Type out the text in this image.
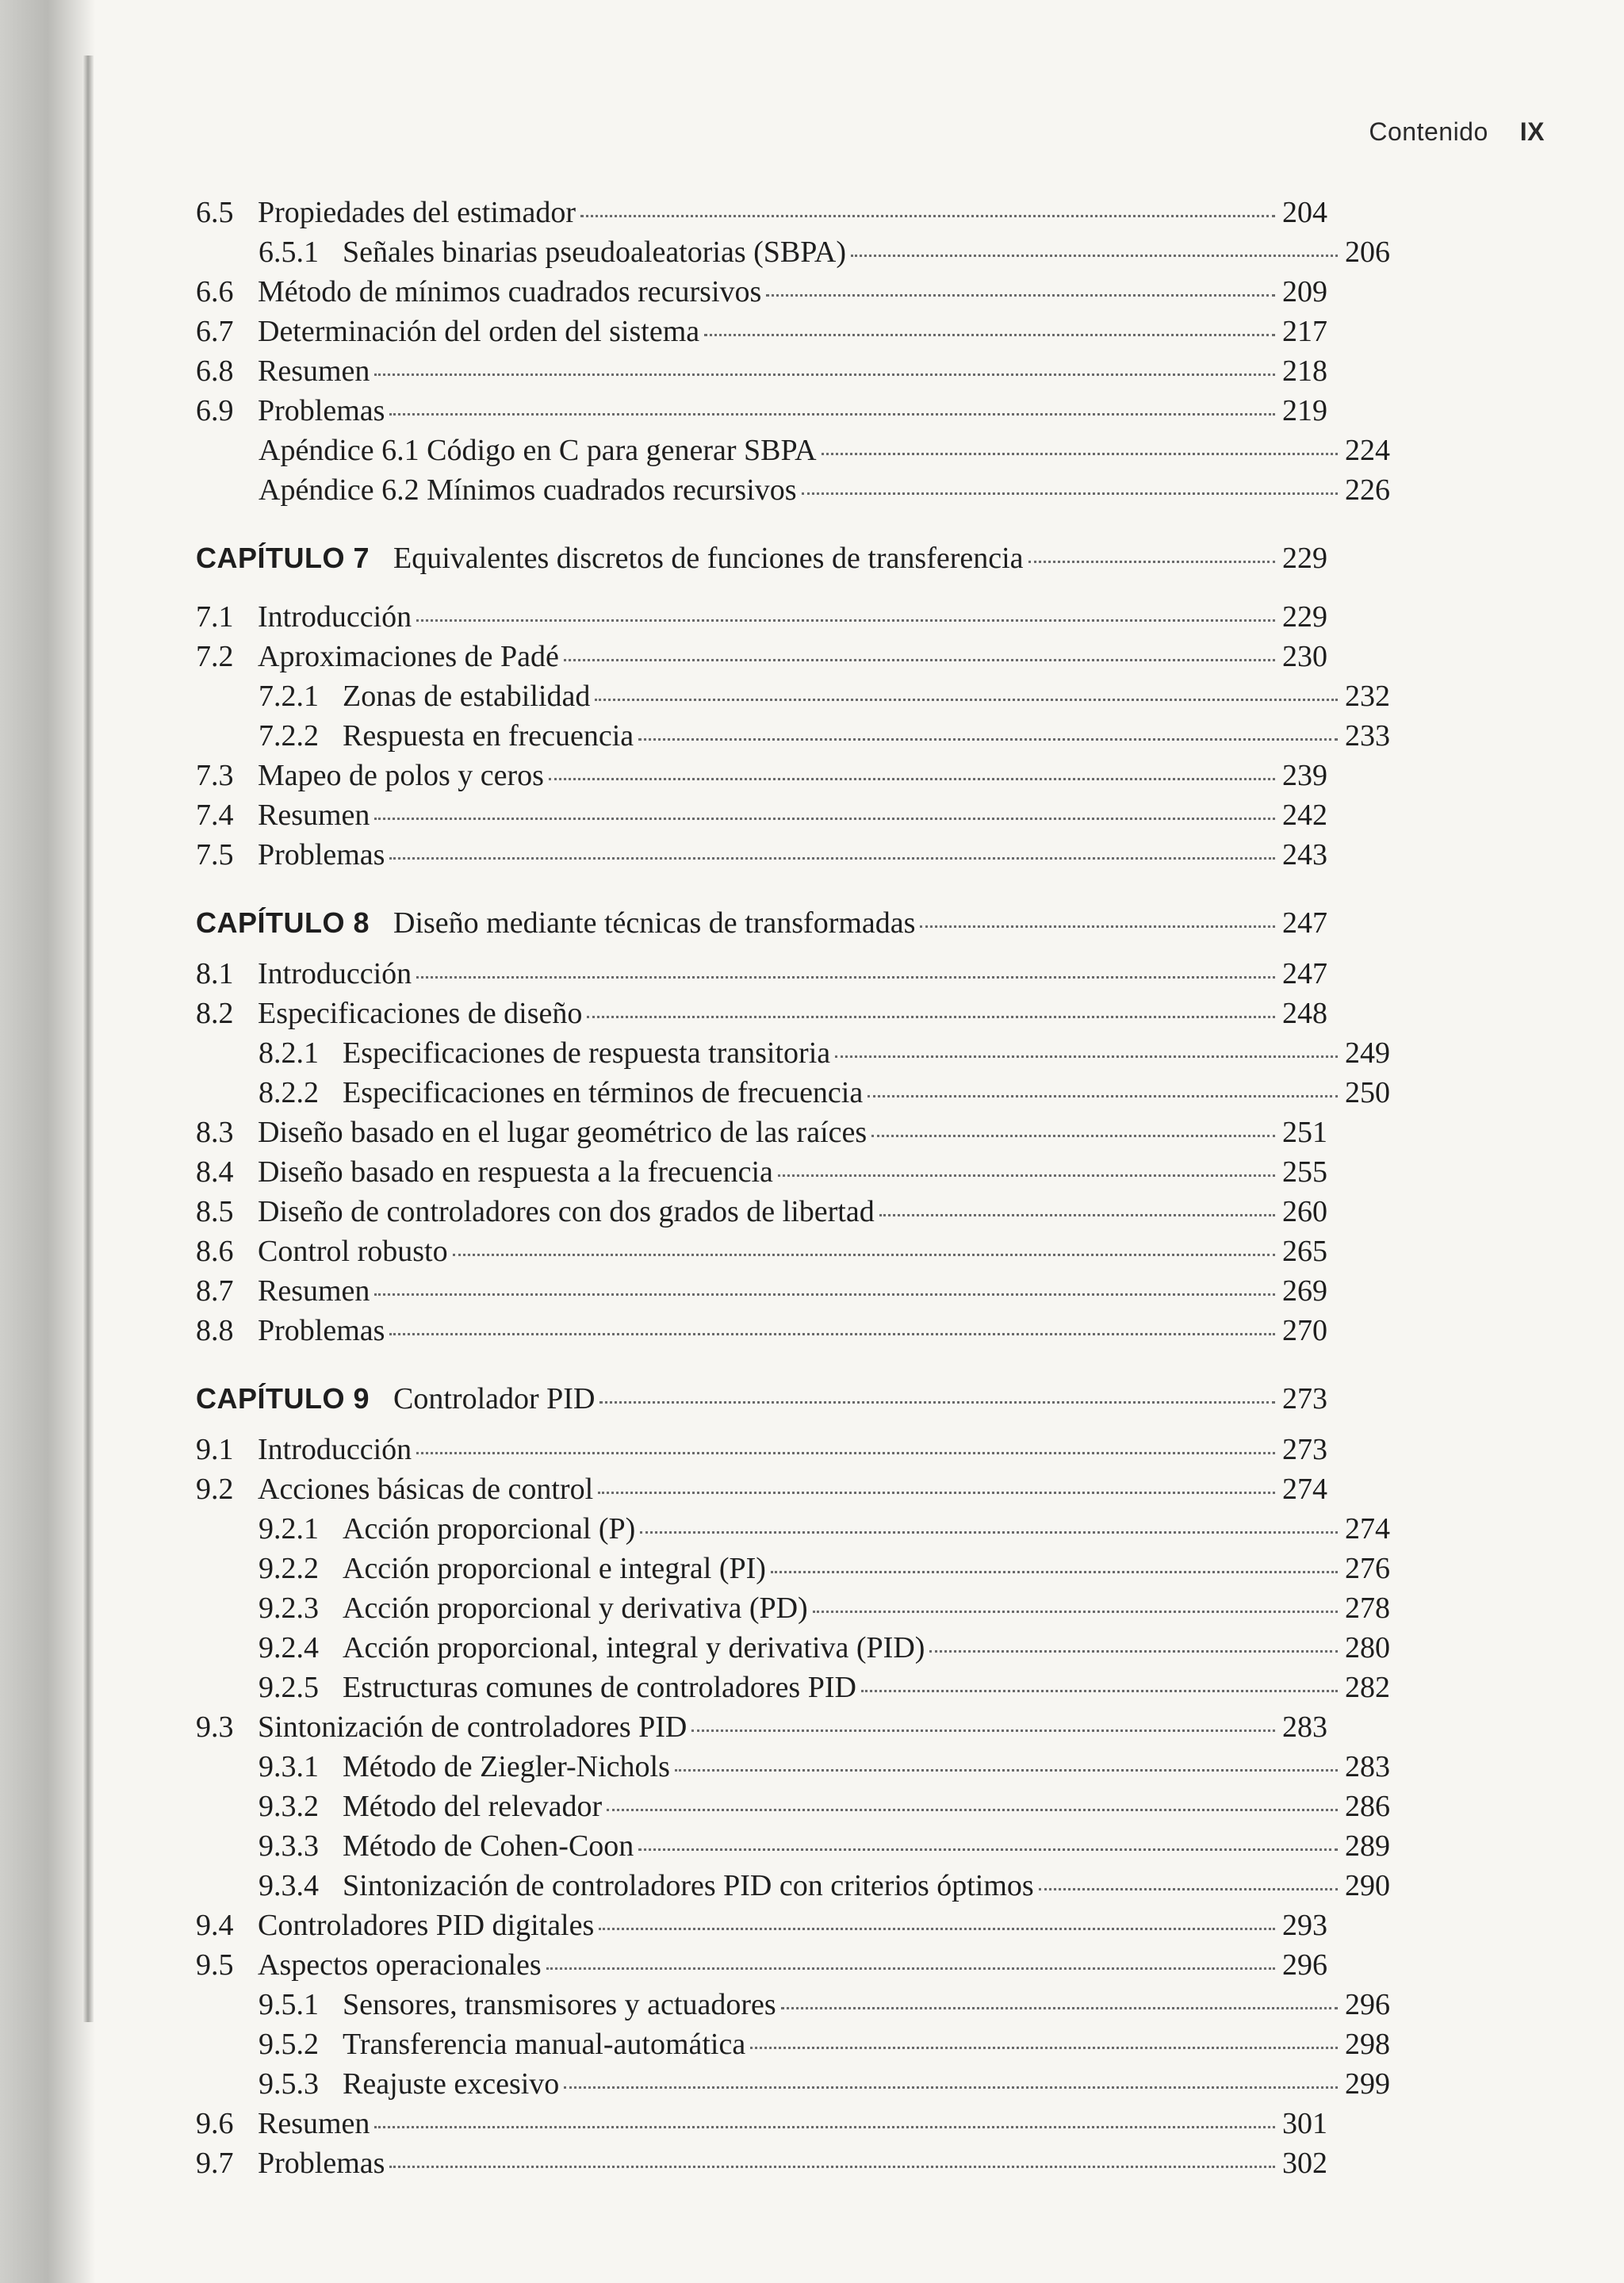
Contenido IX
6.5 Propiedades del estimador	204
6.5.1 Señales binarias pseudoaleatorias (SBPA)	206
6.6 Método de mínimos cuadrados recursivos	209
6.7 Determinación del orden del sistema	217
6.8 Resumen	218
6.9 Problemas	219
Apéndice 6.1 Código en C para generar SBPA	224
Apéndice 6.2 Mínimos cuadrados recursivos	226
CAPÍTULO 7 Equivalentes discretos de funciones de transferencia	229
7.1 Introducción	229
7.2 Aproximaciones de Padé	230
7.2.1 Zonas de estabilidad	232
7.2.2 Respuesta en frecuencia	233
7.3 Mapeo de polos y ceros	239
7.4 Resumen	242
7.5 Problemas	243
CAPÍTULO 8 Diseño mediante técnicas de transformadas	247
8.1 Introducción	247
8.2 Especificaciones de diseño	248
8.2.1 Especificaciones de respuesta transitoria	249
8.2.2 Especificaciones en términos de frecuencia	250
8.3 Diseño basado en el lugar geométrico de las raíces	251
8.4 Diseño basado en respuesta a la frecuencia	255
8.5 Diseño de controladores con dos grados de libertad	260
8.6 Control robusto	265
8.7 Resumen	269
8.8 Problemas	270
CAPÍTULO 9 Controlador PID	273
9.1 Introducción	273
9.2 Acciones básicas de control	274
9.2.1 Acción proporcional (P)	274
9.2.2 Acción proporcional e integral (PI)	276
9.2.3 Acción proporcional y derivativa (PD)	278
9.2.4 Acción proporcional, integral y derivativa (PID)	280
9.2.5 Estructuras comunes de controladores PID	282
9.3 Sintonización de controladores PID	283
9.3.1 Método de Ziegler-Nichols	283
9.3.2 Método del relevador	286
9.3.3 Método de Cohen-Coon	289
9.3.4 Sintonización de controladores PID con criterios óptimos	290
9.4 Controladores PID digitales	293
9.5 Aspectos operacionales	296
9.5.1 Sensores, transmisores y actuadores	296
9.5.2 Transferencia manual-automática	298
9.5.3 Reajuste excesivo	299
9.6 Resumen	301
9.7 Problemas	302
